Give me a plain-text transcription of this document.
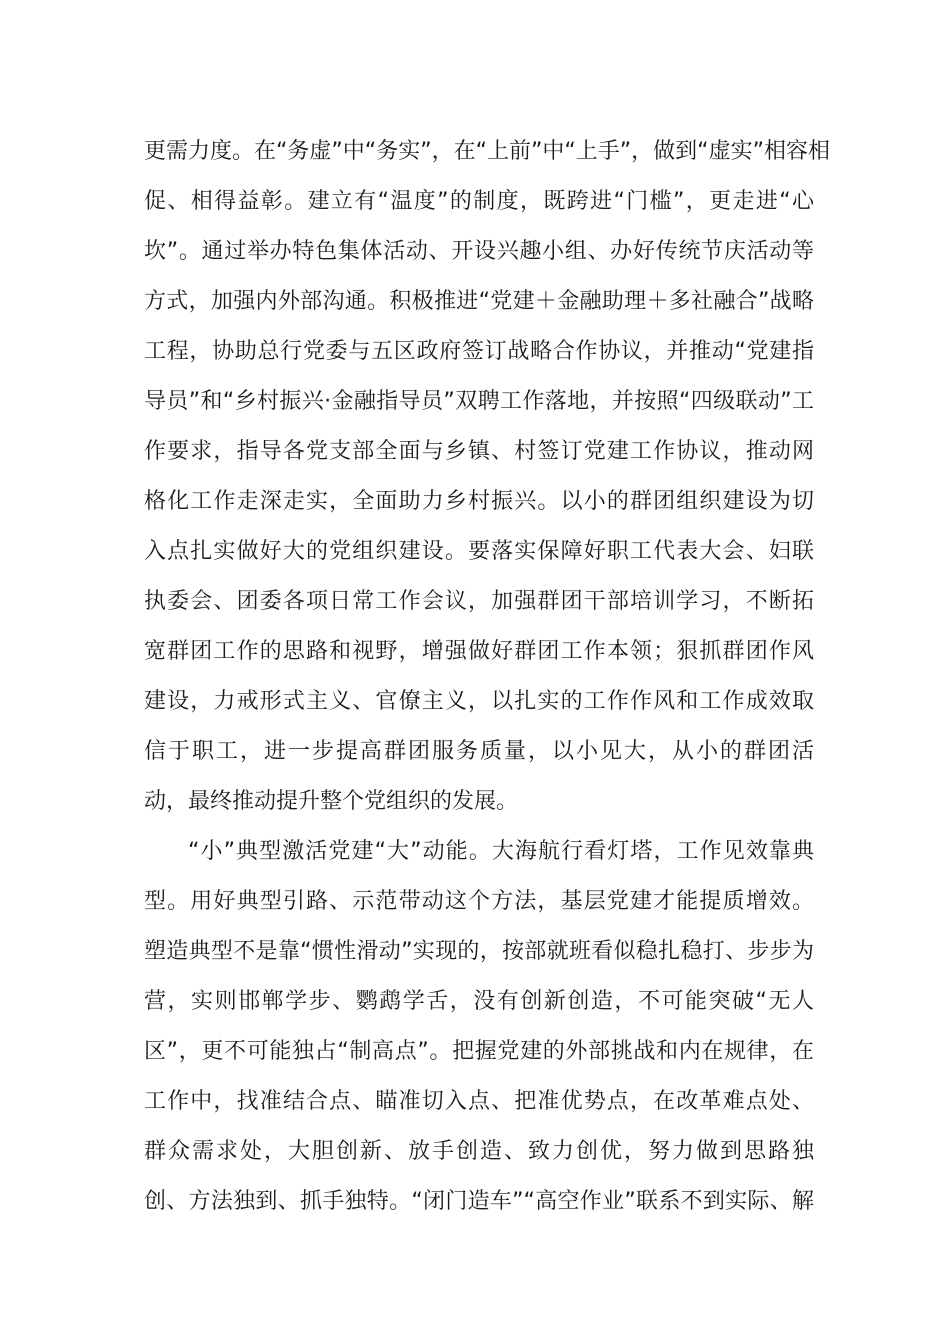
更需力度。在“务虚”中“务实”，在“上前”中“上手”，做到“虚实”相容相
促、相得益彰。建立有“温度”的制度，既跨进“门槛”，更走进“心
坎”。通过举办特色集体活动、开设兴趣小组、办好传统节庆活动等
方式，加强内外部沟通。积极推进“党建＋金融助理＋多社融合”战略
工程，协助总行党委与五区政府签订战略合作协议，并推动“党建指
导员”和“乡村振兴·金融指导员”双聘工作落地，并按照“四级联动”工
作要求，指导各党支部全面与乡镇、村签订党建工作协议，推动网
格化工作走深走实，全面助力乡村振兴。以小的群团组织建设为切
入点扎实做好大的党组织建设。要落实保障好职工代表大会、妇联
执委会、团委各项日常工作会议，加强群团干部培训学习，不断拓
宽群团工作的思路和视野，增强做好群团工作本领；狠抓群团作风
建设，力戒形式主义、官僚主义，以扎实的工作作风和工作成效取
信于职工，进一步提高群团服务质量，以小见大，从小的群团活
动，最终推动提升整个党组织的发展。
“小”典型激活党建“大”动能。大海航行看灯塔，工作见效靠典
型。用好典型引路、示范带动这个方法，基层党建才能提质增效。
塑造典型不是靠“惯性滑动”实现的，按部就班看似稳扎稳打、步步为
营，实则邯郸学步、鹦鹉学舌，没有创新创造，不可能突破“无人
区”，更不可能独占“制高点”。把握党建的外部挑战和内在规律，在
工作中，找准结合点、瞄准切入点、把准优势点，在改革难点处、
群众需求处，大胆创新、放手创造、致力创优，努力做到思路独
创、方法独到、抓手独特。“闭门造车”“高空作业”联系不到实际、解
